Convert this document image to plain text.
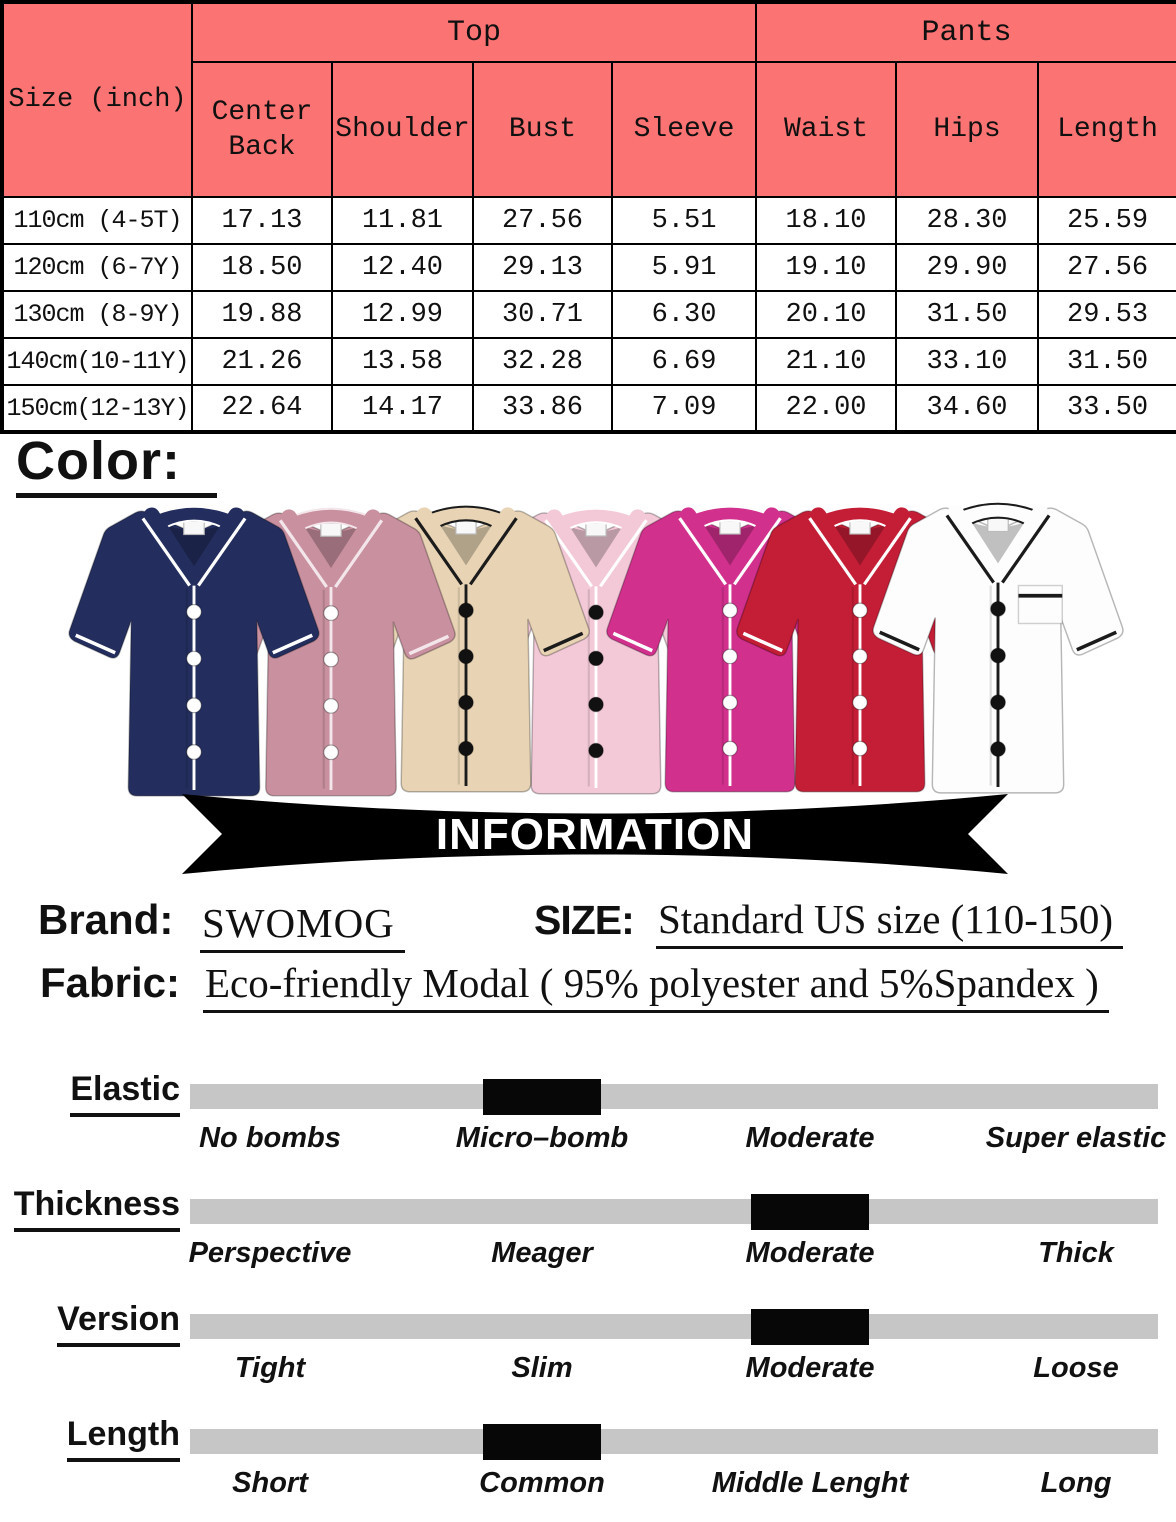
Size (inch)	Top				Pants		
	Center Back	Shoulder	Bust	Sleeve	Waist	Hips	Length
110cm (4-5T)	17.13	11.81	27.56	5.51	18.10	28.30	25.59
120cm (6-7Y)	18.50	12.40	29.13	5.91	19.10	29.90	27.56
130cm (8-9Y)	19.88	12.99	30.71	6.30	20.10	31.50	29.53
140cm(10-11Y)	21.26	13.58	32.28	6.69	21.10	33.10	31.50
150cm(12-13Y)	22.64	14.17	33.86	7.09	22.00	34.60	33.50
Color:
INFORMATION
Brand: SWOMOG	SIZE: Standard US size (110-150)
Fabric: Eco-friendly Modal ( 95% polyester and 5%Spandex )
Elastic
No bombs	Micro–bomb	Moderate	Super elastic
Thickness
Perspective	Meager	Moderate	Thick
Version
Tight	Slim	Moderate	Loose
Length
Short	Common	Middle Lenght	Long
